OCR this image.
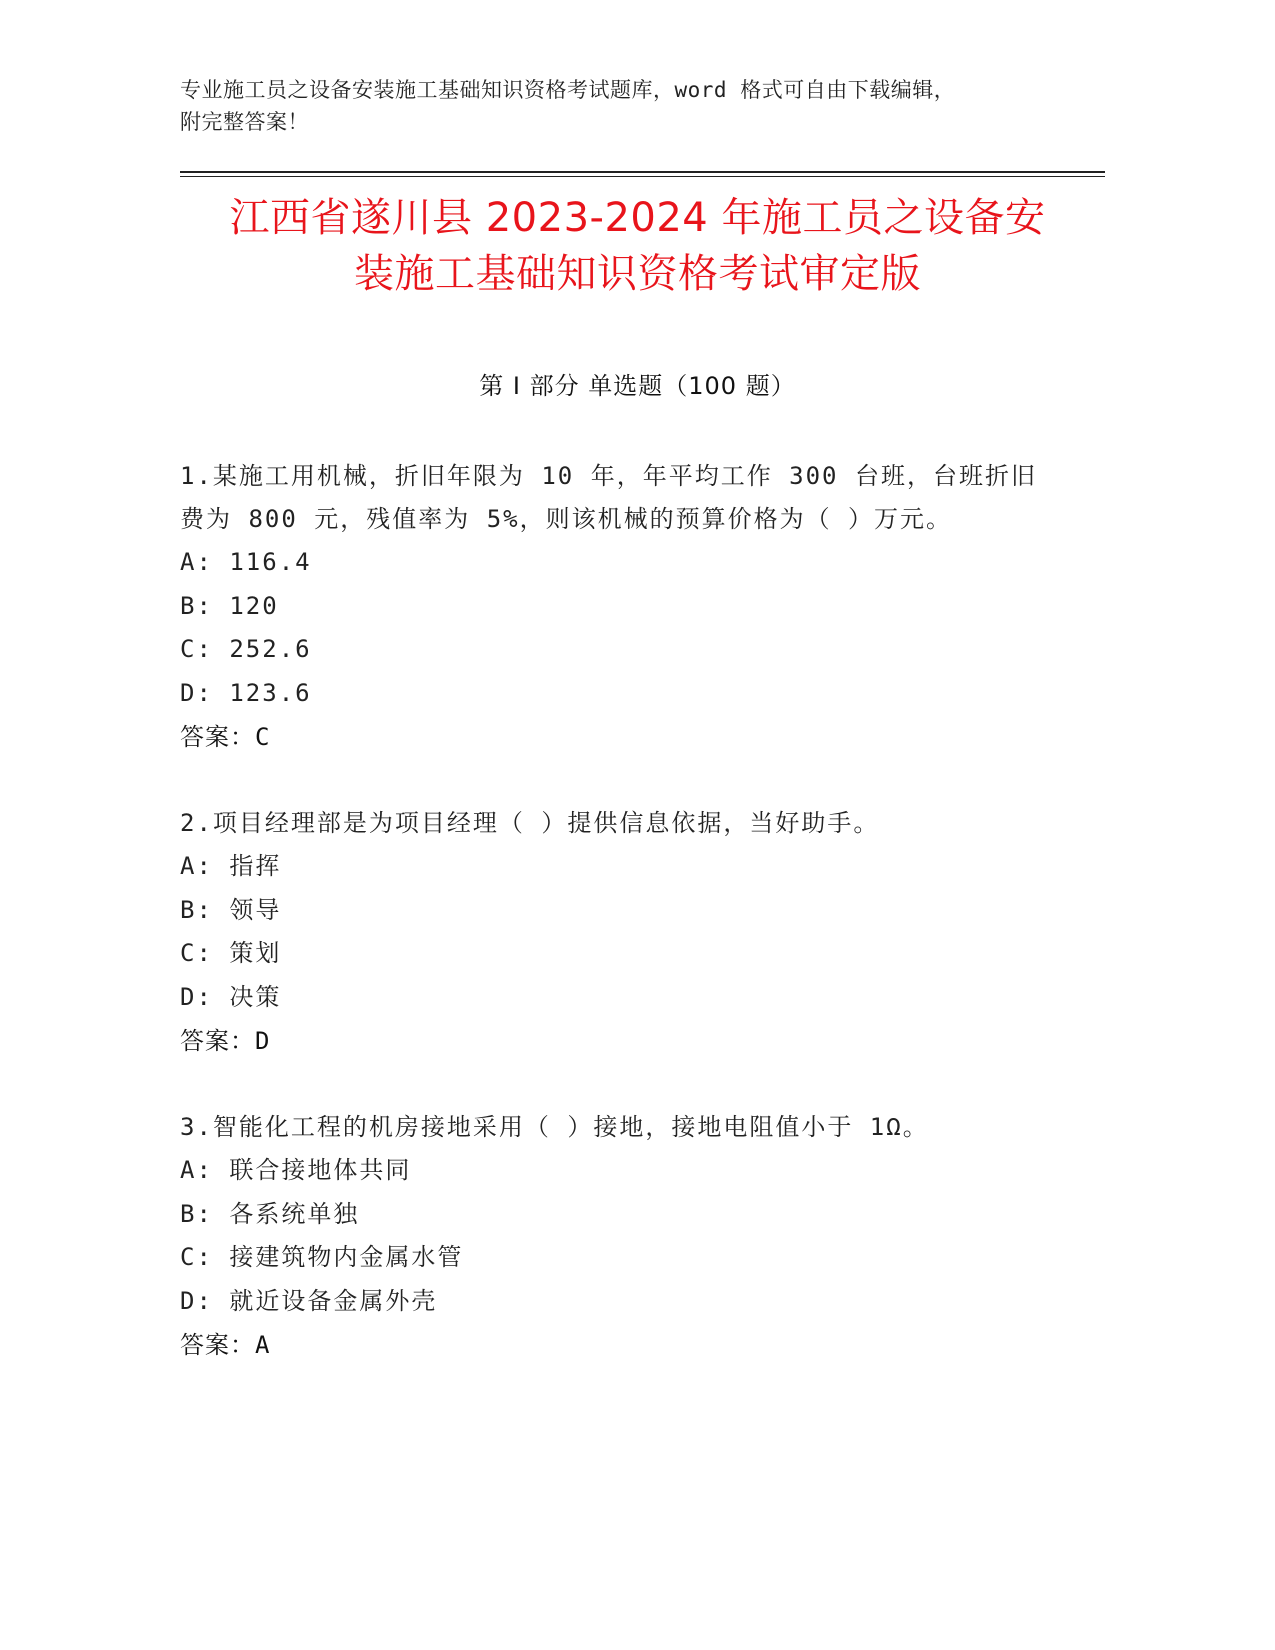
专业施工员之设备安装施工基础知识资格考试题库，word 格式可自由下载编辑，
附完整答案！
江西省遂川县 2023-2024 年施工员之设备安
装施工基础知识资格考试审定版
第 I 部分 单选题（100 题）
1.某施工用机械，折旧年限为 10 年，年平均工作 300 台班，台班折旧
费为 800 元，残值率为 5%，则该机械的预算价格为（ ）万元。
A: 116.4
B: 120
C: 252.6
D: 123.6
答案：C
2.项目经理部是为项目经理（ ）提供信息依据，当好助手。
A: 指挥
B: 领导
C: 策划
D: 决策
答案：D
3.智能化工程的机房接地采用（ ）接地，接地电阻值小于 1Ω。
A: 联合接地体共同
B: 各系统单独
C: 接建筑物内金属水管
D: 就近设备金属外壳
答案：A
